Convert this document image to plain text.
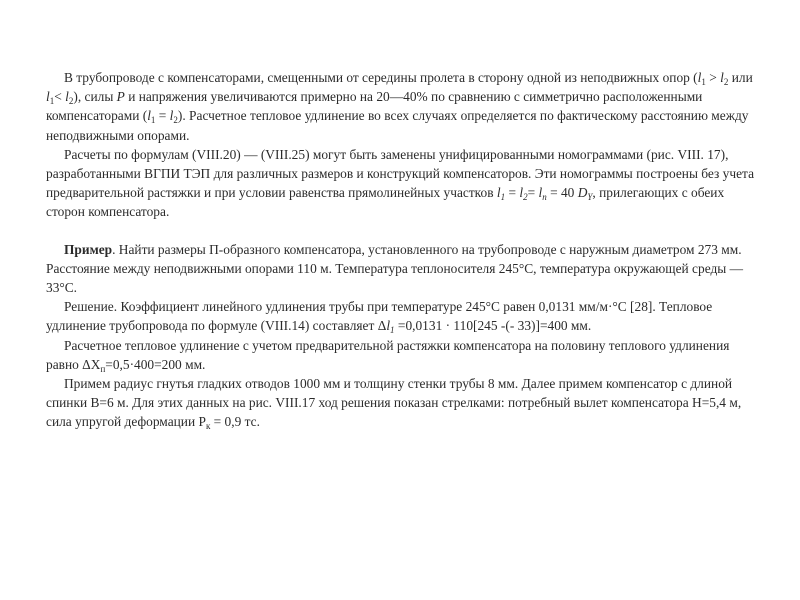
В трубопроводе с компенсаторами, смещенными от середины пролета в сторону одной из неподвижных опор ($l_1 > l_2$ или $l_1< l_2$), силы P и напряжения увеличиваются примерно на 20—40% по сравнению с симметрично расположенными компенсаторами $(l_1 = l_2)$. Расчетное тепловое удлинение во всех случаях определяется по фактическому расстоянию между неподвижными опорами.

Расчеты по формулам (VIII.20) — (VIII.25) могут быть заменены унифицированными номограммами (рис. VIII. 17), разработанными ВГПИ ТЭП для различных размеров и конструкций компенсаторов. Эти номограммы построены без учета предварительной растяжки и при условии равенства прямолинейных участков $l_1 = l_2= l_n = 40$ $D_Y$, прилегающих с обеих сторон компенсатора.

Пример. Найти размеры П-образного компенсатора, установленного на трубопроводе с наружным диаметром 273 мм. Расстояние между неподвижными опорами 110 м. Температура теплоносителя 245°С, температура окружающей среды —33°С.

Решение. Коэффициент линейного удлинения трубы при температуре 245°С равен 0,0131 мм/м·°С [28]. Тепловое удлинение трубопровода по формуле (VIII.14) составляет $\Delta l_1 =0,0131 \cdot 110[245$ -(- 33)]=400 мм.

Расчетное тепловое удлинение с учетом предварительной растяжки компенсатора на половину теплового удлинения равно $\Delta X_п=0,5\cdot 400=200$ мм.

Примем радиус гнутья гладких отводов 1000 мм и толщину стенки трубы 8 мм. Далее примем компенсатор с длиной спинки В=6 м. Для этих данных на рис. VIII.17 ход решения показан стрелками: потребный вылет компенсатора Н=5,4 м, сила упругой деформации $Р_к = 0,9$ тс.
